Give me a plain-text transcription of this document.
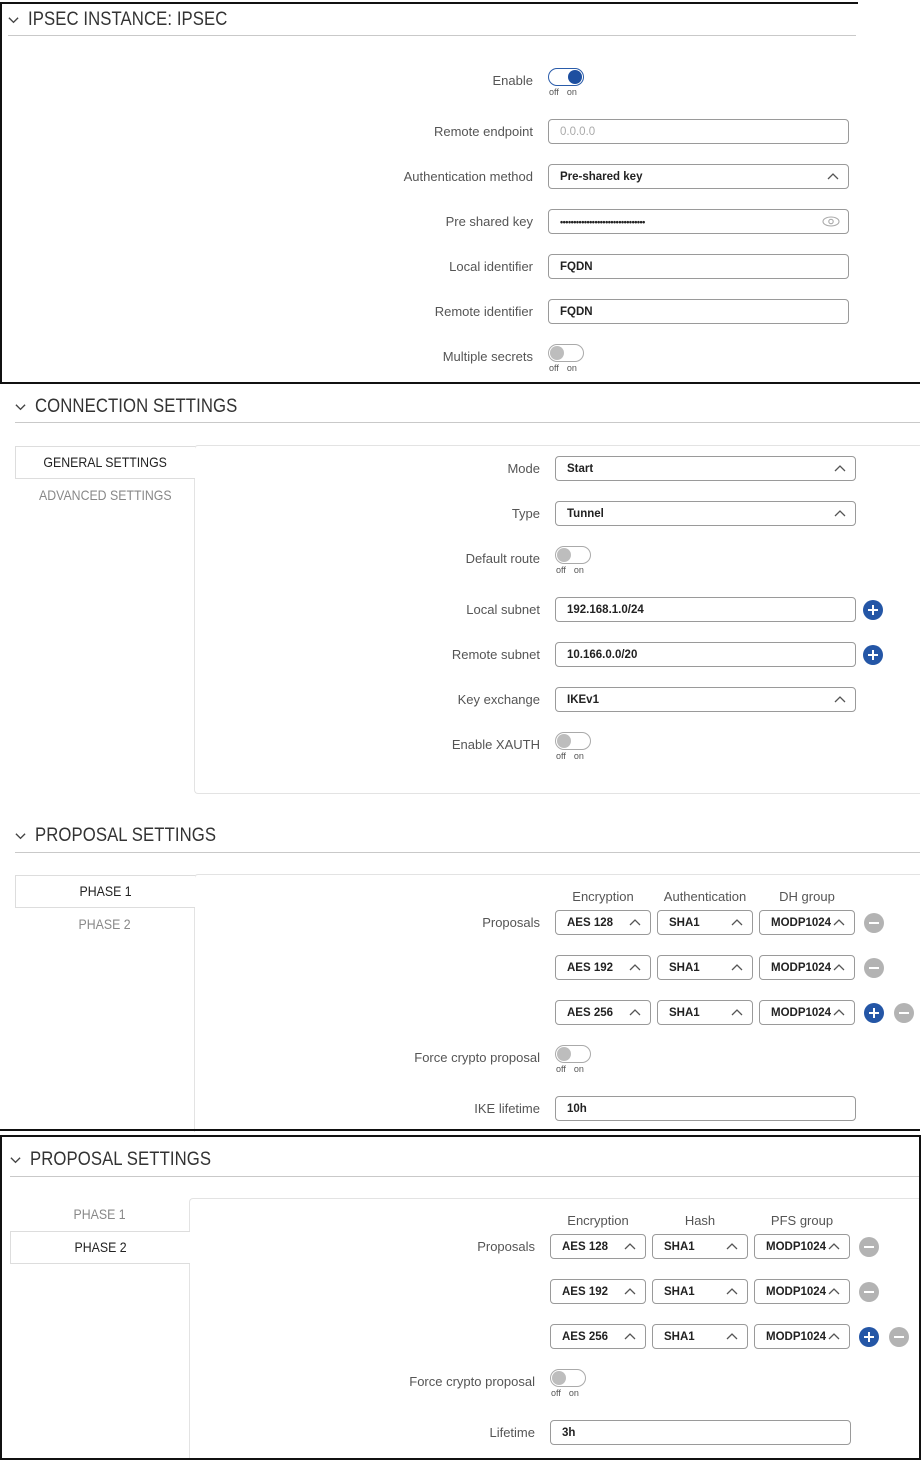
IPSEC INSTANCE: IPSEC
Enable
off on
Remote endpoint	0.0.0.0
Authentication method Pre-shared key
Pre shared key	••••••••••••••••••••••••••••••••
Local identifier	FQDN
Remote identifier	FQDN
Multiple secrets
off on
CONNECTION SETTINGS
GENERAL SETTINGS
ADVANCED SETTINGS
Mode Start
Type Tunnel
Default route
off on
Local subnet	192.168.1.0/24
Remote subnet	10.166.0.0/20
Key exchange IKEv1
Enable XAUTH
off on
PROPOSAL SETTINGS
PHASE 1
PHASE 2
Encryption	Authentication	DH group
Proposals AES 128	SHA1	MODP1024
AES 192	SHA1	MODP1024
AES 256	SHA1	MODP1024
Force crypto proposal
off on
IKE lifetime	10h
PROPOSAL SETTINGS
PHASE 1
PHASE 2
Encryption	Hash	PFS group
Proposals AES 128	SHA1	MODP1024
AES 192	SHA1	MODP1024
AES 256	SHA1	MODP1024
Force crypto proposal
off on
Lifetime	3h
